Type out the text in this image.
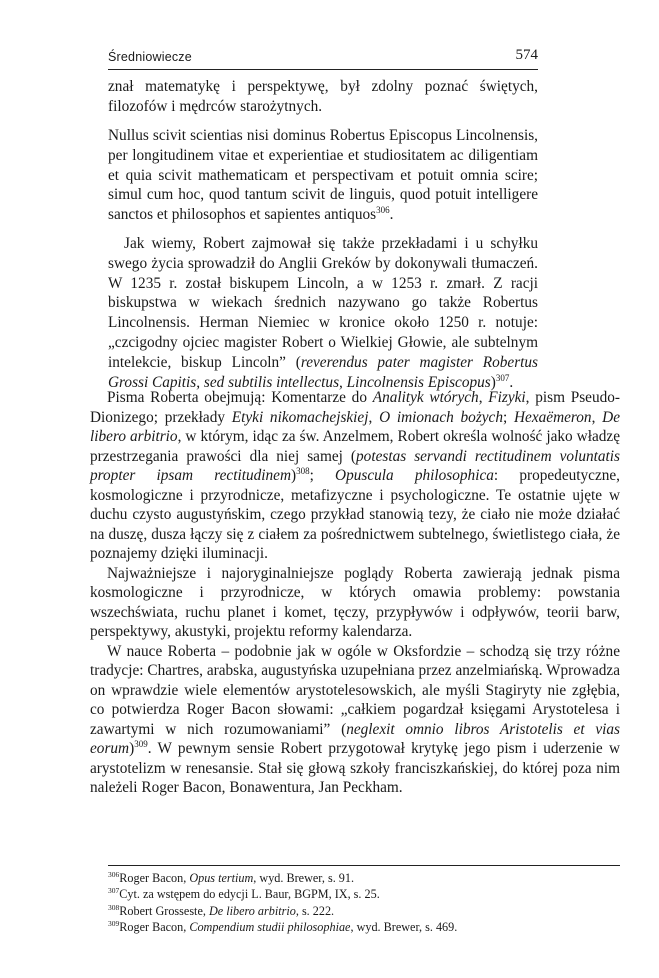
Średniowiecze	574

znał matematykę i perspektywę, był zdolny poznać świętych, filozofów i mędrców starożytnych.

Nullus scivit scientias nisi dominus Robertus Episcopus Lincolnensis, per longitudinem vitae et experientiae et studiositatem ac diligentiam et quia scivit mathematicam et perspectivam et potuit omnia scire; simul cum hoc, quod tantum scivit de linguis, quod potuit intelligere sanctos et philosophos et sapientes antiquos$^{306}$.

Jak wiemy, Robert zajmował się także przekładami i u schyłku swego życia sprowadził do Anglii Greków by dokonywali tłumaczeń. W 1235 r. został biskupem Lincoln, a w 1253 r. zmarł. Z racji biskupstwa w wiekach średnich nazywano go także Robertus Lincolnensis. Herman Niemiec w kronice około 1250 r. notuje: „czcigodny ojciec magister Robert o Wielkiej Głowie, ale subtelnym intelekcie, biskup Lincoln” (reverendus pater magister Robertus Grossi Capitis, sed subtilis intellectus, Lincolnensis Episcopus)$^{307}$.

Pisma Roberta obejmują: Komentarze do Analityk wtórych, Fizyki, pism Pseudo-Dionizego; przekłady Etyki nikomachejskiej, O imionach bożych; Hexaëmeron, De libero arbitrio, w którym, idąc za św. Anzelmem, Robert określa wolność jako władzę przestrzegania prawości dla niej samej (potestas servandi rectitudinem voluntatis propter ipsam rectitudinem)$^{308}$; Opuscula philosophica: propedeutyczne, kosmologiczne i przyrodnicze, metafizyczne i psychologiczne. Te ostatnie ujęte w duchu czysto augustyńskim, czego przykład stanowią tezy, że ciało nie może działać na duszę, dusza łączy się z ciałem za pośrednictwem subtelnego, świetlistego ciała, że poznajemy dzięki iluminacji.

Najważniejsze i najoryginalniejsze poglądy Roberta zawierają jednak pisma kosmologiczne i przyrodnicze, w których omawia problemy: powstania wszechświata, ruchu planet i komet, tęczy, przypływów i odpływów, teorii barw, perspektywy, akustyki, projektu reformy kalendarza.

W nauce Roberta – podobnie jak w ogóle w Oksfordzie – schodzą się trzy różne tradycje: Chartres, arabska, augustyńska uzupełniana przez anzelmiańską. Wprowadza on wprawdzie wiele elementów arystotelesowskich, ale myśli Stagiryty nie zgłębia, co potwierdza Roger Bacon słowami: „całkiem pogardzał księgami Arystotelesa i zawartymi w nich rozumowaniami” (neglexit omnio libros Aristotelis et vias eorum)$^{309}$. W pewnym sensie Robert przygotował krytykę jego pism i uderzenie w arystotelizm w renesansie. Stał się głową szkoły franciszkańskiej, do której poza nim należeli Roger Bacon, Bonawentura, Jan Peckham.

$^{306}$Roger Bacon, Opus tertium, wyd. Brewer, s. 91.
$^{307}$Cyt. za wstępem do edycji L. Baur, BGPM, IX, s. 25.
$^{308}$Robert Grosseste, De libero arbitrio, s. 222.
$^{309}$Roger Bacon, Compendium studii philosophiae, wyd. Brewer, s. 469.
